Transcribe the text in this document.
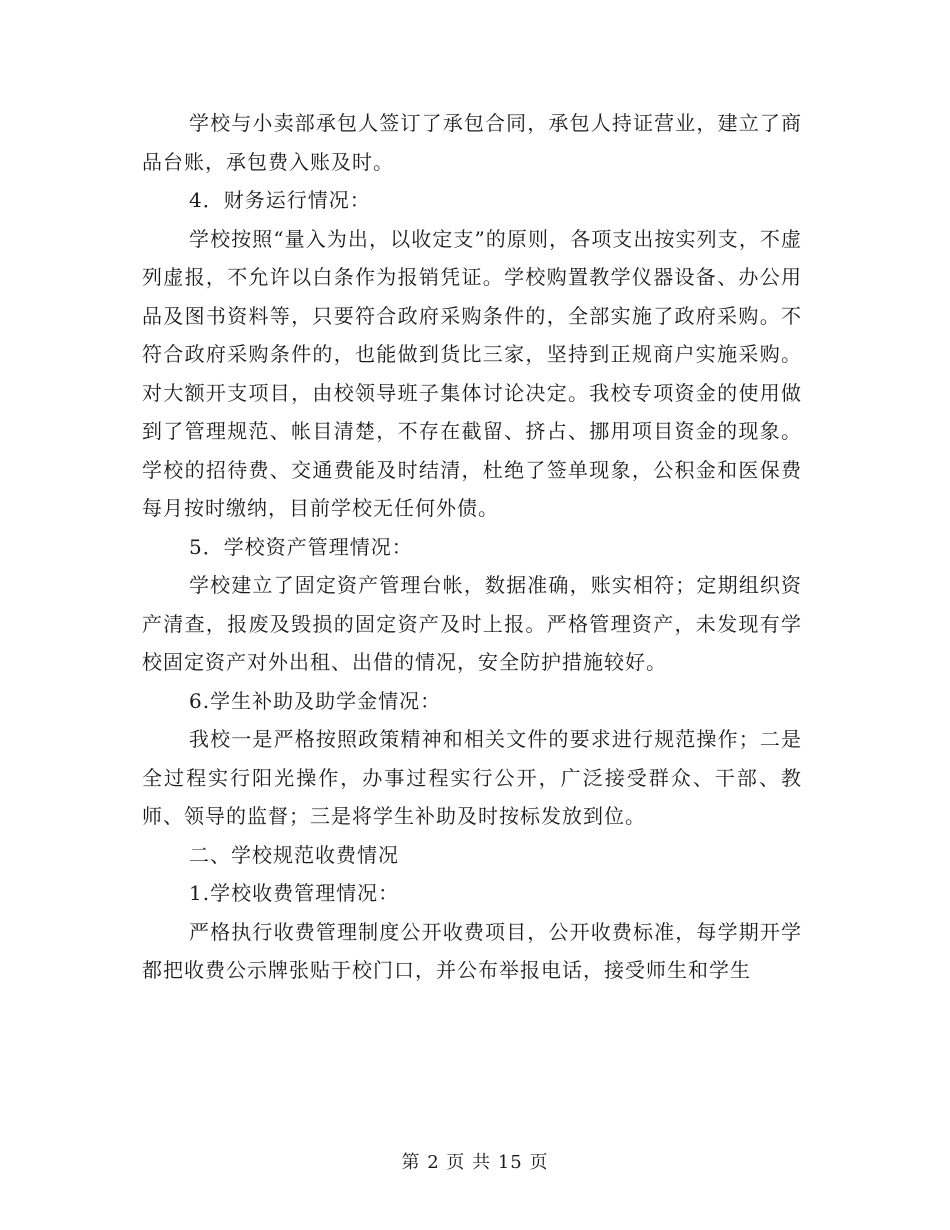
学校与小卖部承包人签订了承包合同，承包人持证营业，建立了商品台账，承包费入账及时。

4．财务运行情况：

学校按照“量入为出，以收定支”的原则，各项支出按实列支，不虚列虚报，不允许以白条作为报销凭证。学校购置教学仪器设备、办公用品及图书资料等，只要符合政府采购条件的，全部实施了政府采购。不符合政府采购条件的，也能做到货比三家，坚持到正规商户实施采购。对大额开支项目，由校领导班子集体讨论决定。我校专项资金的使用做到了管理规范、帐目清楚，不存在截留、挤占、挪用项目资金的现象。学校的招待费、交通费能及时结清，杜绝了签单现象，公积金和医保费每月按时缴纳，目前学校无任何外债。

5．学校资产管理情况：

学校建立了固定资产管理台帐，数据准确，账实相符；定期组织资产清查，报废及毁损的固定资产及时上报。严格管理资产，未发现有学校固定资产对外出租、出借的情况，安全防护措施较好。

6.学生补助及助学金情况：

我校一是严格按照政策精神和相关文件的要求进行规范操作；二是全过程实行阳光操作，办事过程实行公开，广泛接受群众、干部、教师、领导的监督；三是将学生补助及时按标发放到位。

二、学校规范收费情况

1.学校收费管理情况：

严格执行收费管理制度公开收费项目，公开收费标准，每学期开学都把收费公示牌张贴于校门口，并公布举报电话，接受师生和学生

第 2 页 共 15 页
